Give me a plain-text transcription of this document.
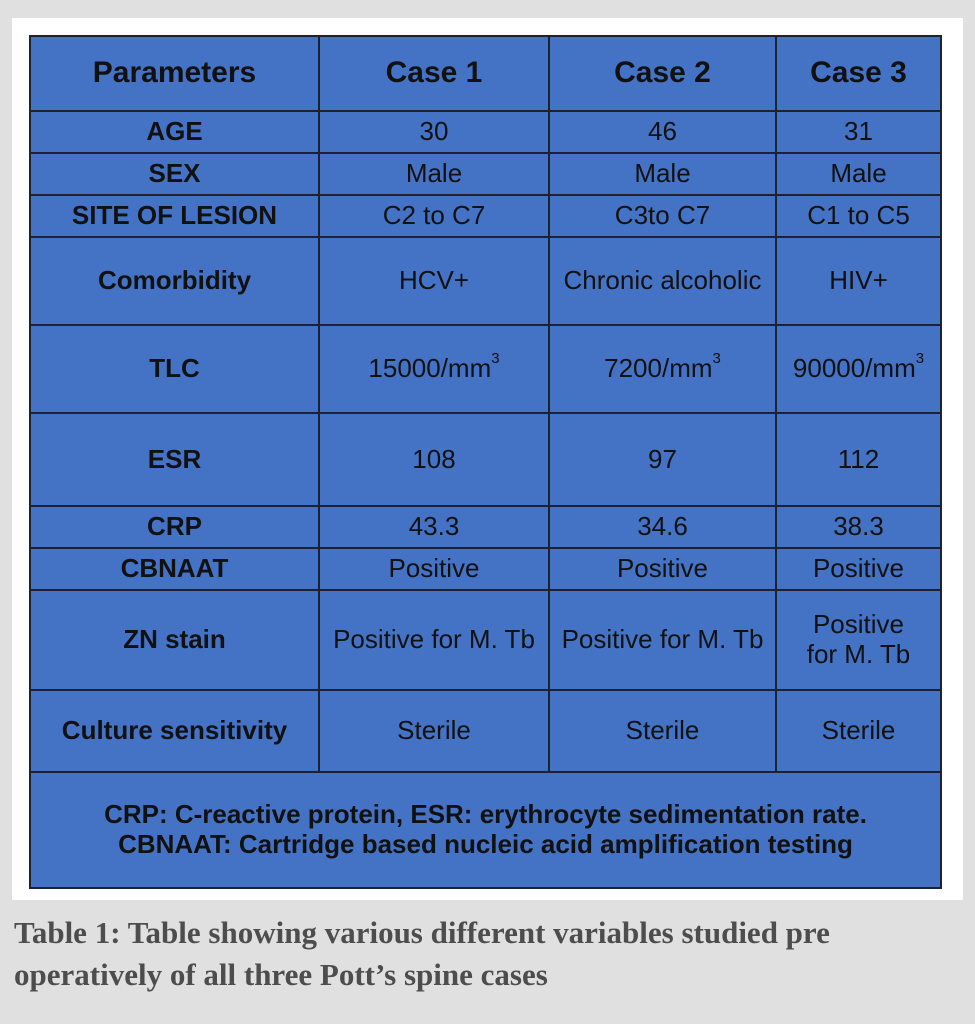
Parameters	Case 1	Case 2	Case 3
AGE	30	46	31
SEX	Male	Male	Male
SITE OF LESION	C2 to C7	C3to C7	C1 to C5
Comorbidity	HCV+	Chronic alcoholic	HIV+
TLC	$15000/mm^3$	$7200/mm^3$	$90000/mm^3$
ESR	108	97	112
CRP	43.3	34.6	38.3
CBNAAT	Positive	Positive	Positive
ZN stain	Positive for M. Tb	Positive for M. Tb	Positive for M. Tb
Culture sensitivity	Sterile	Sterile	Sterile
CRP: C-reactive protein, ESR: erythrocyte sedimentation rate. CBNAAT: Cartridge based nucleic acid amplification testing			
Table 1: Table showing various different variables studied pre operatively of all three Pott’s spine cases
